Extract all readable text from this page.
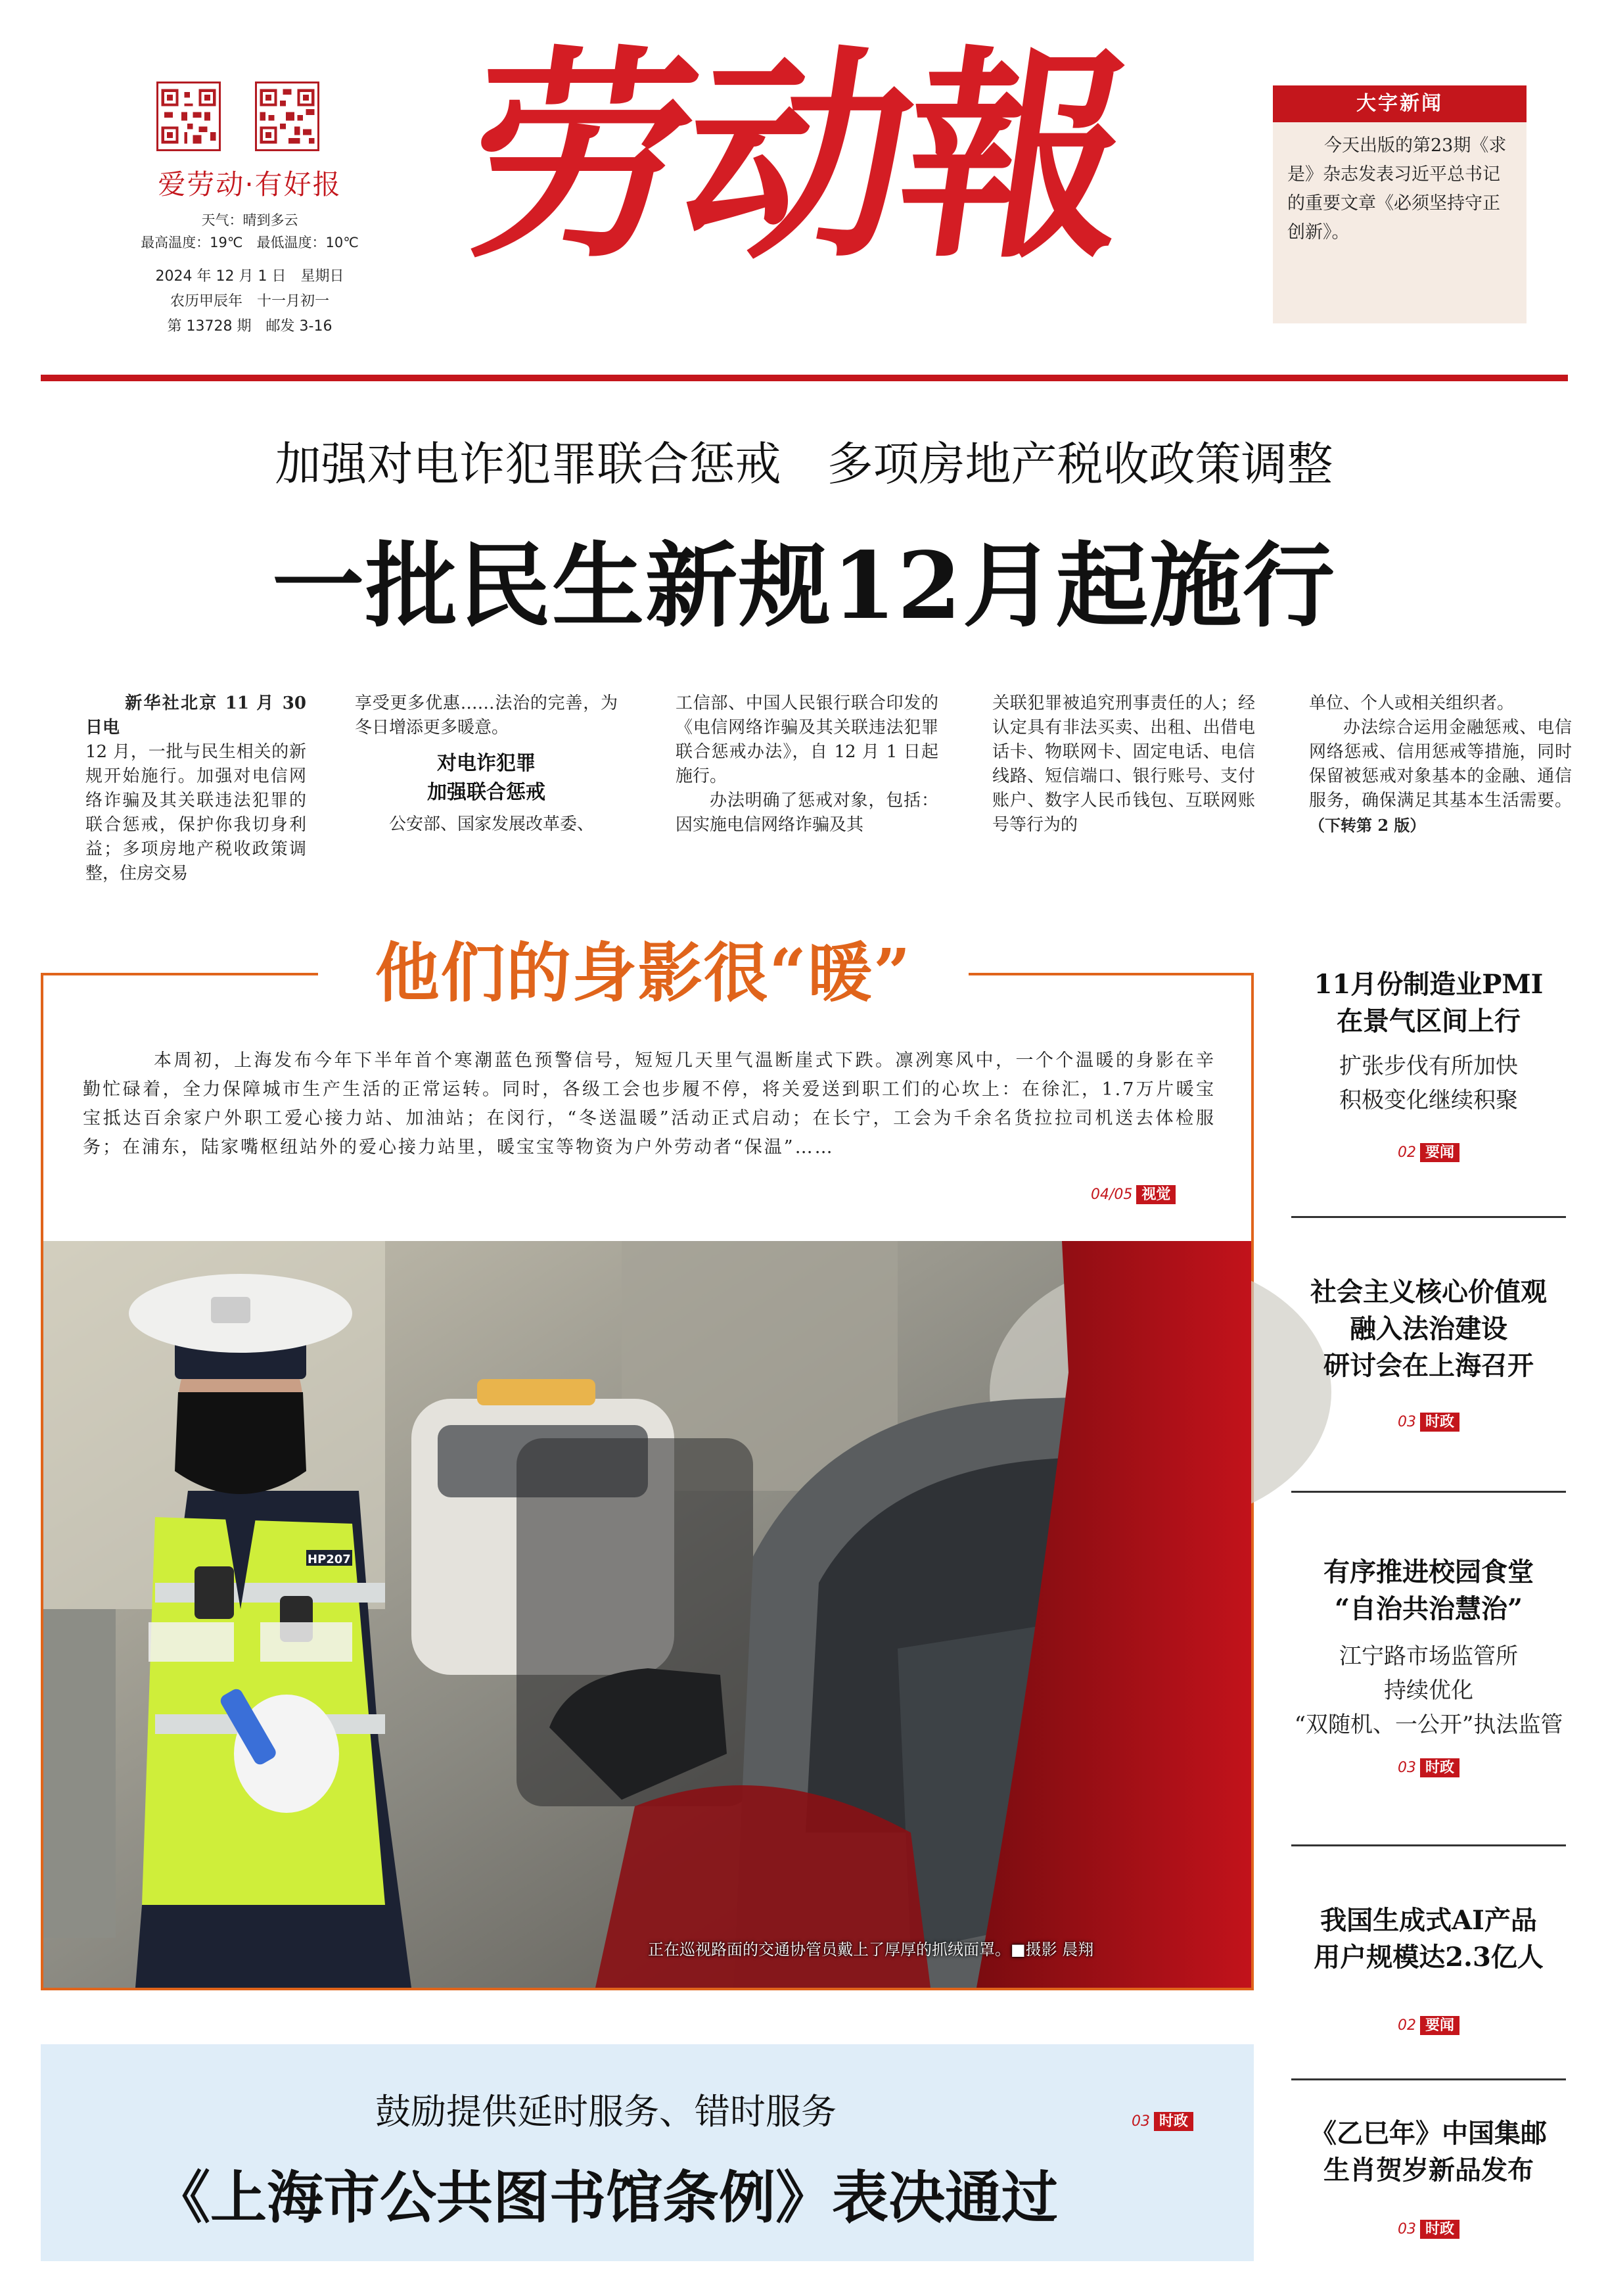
爱劳动·有好报
天气：晴到多云
最高温度：19℃　最低温度：10℃
2024 年 12 月 1 日　星期日
农历甲辰年　十一月初一
第 13728 期　邮发 3-16
劳动報	大字新闻
今天出版的第23期《求是》杂志发表习近平总书记的重要文章《必须坚持守正创新》。
加强对电诈犯罪联合惩戒　多项房地产税收政策调整
一批民生新规12月起施行

新华社北京 11 月 30 日电

12 月，一批与民生相关的新规开始施行。加强对电信网络诈骗及其关联违法犯罪的联合惩戒，保护你我切身利益；多项房地产税收政策调整，住房交易

享受更多优惠……法治的完善，为冬日增添更多暖意。

对电诈犯罪
加强联合惩戒

公安部、国家发展改革委、

工信部、中国人民银行联合印发的《电信网络诈骗及其关联违法犯罪联合惩戒办法》，自 12 月 1 日起施行。

办法明确了惩戒对象，包括：因实施电信网络诈骗及其

关联犯罪被追究刑事责任的人；经认定具有非法买卖、出租、出借电话卡、物联网卡、固定电话、电信线路、短信端口、银行账号、支付账户、数字人民币钱包、互联网账号等行为的

单位、个人或相关组织者。

办法综合运用金融惩戒、电信网络惩戒、信用惩戒等措施，同时保留被惩戒对象基本的金融、通信服务，确保满足其基本生活需要。（下转第 2 版）

他们的身影很“暖”
本周初，上海发布今年下半年首个寒潮蓝色预警信号，短短几天里气温断崖式下跌。凛冽寒风中，一个个温暖的身影在辛勤忙碌着，全力保障城市生产生活的正常运转。同时，各级工会也步履不停，将关爱送到职工们的心坎上：在徐汇，1.7万片暖宝宝抵达百余家户外职工爱心接力站、加油站；在闵行，“冬送温暖”活动正式启动；在长宁，工会为千余名货拉拉司机送去体检服务；在浦东，陆家嘴枢纽站外的爱心接力站里，暖宝宝等物资为户外劳动者“保温”……
04/05 视觉
HP207
正在巡视路面的交通协管员戴上了厚厚的抓绒面罩。■摄影 晨翔
11月份制造业PMI
在景气区间上行
扩张步伐有所加快
积极变化继续积聚
02 要闻
社会主义核心价值观
融入法治建设
研讨会在上海召开
03 时政
有序推进校园食堂
“自治共治慧治”
江宁路市场监管所
持续优化
“双随机、一公开”执法监管
03 时政
我国生成式AI产品
用户规模达2.3亿人
02 要闻
《乙巳年》中国集邮
生肖贺岁新品发布
03 时政
鼓励提供延时服务、错时服务	03 时政
《上海市公共图书馆条例》表决通过
